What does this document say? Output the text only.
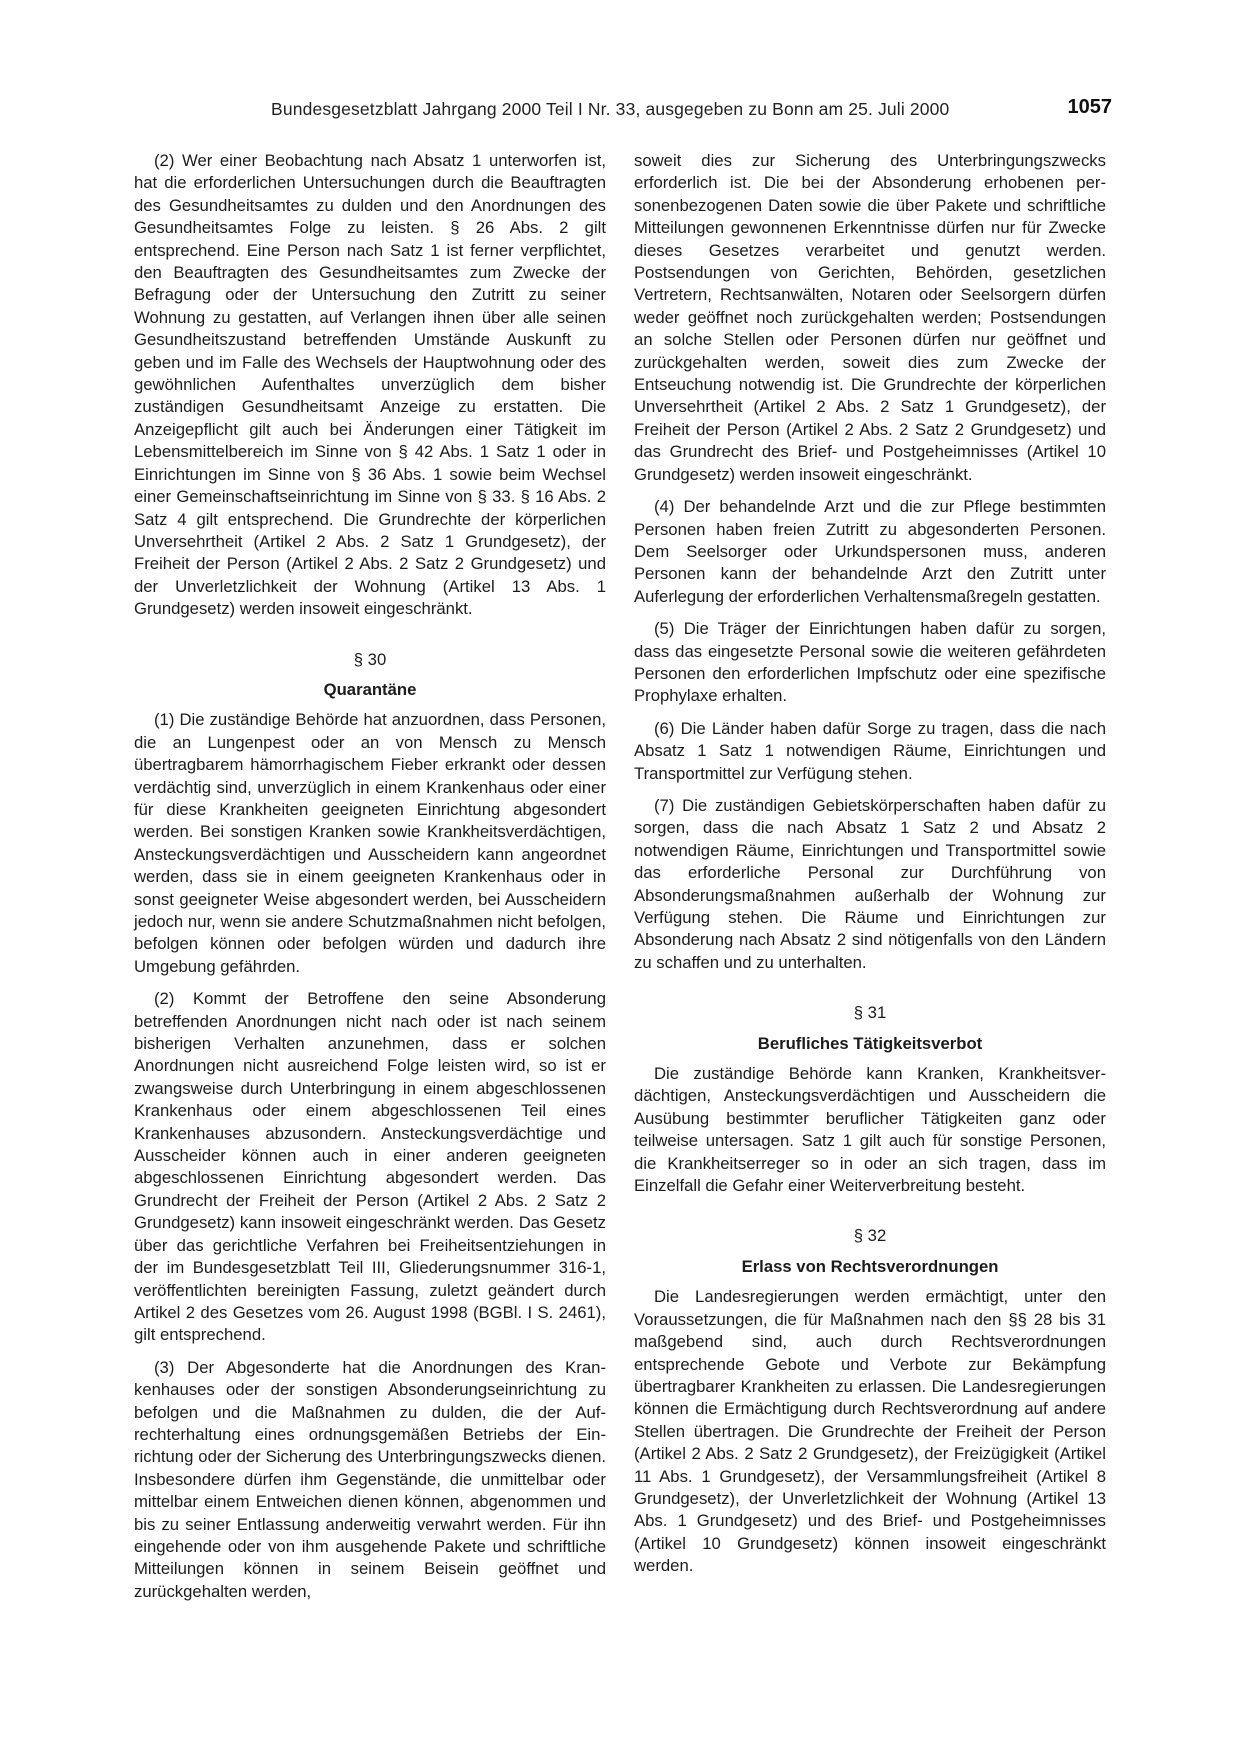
Bundesgesetzblatt Jahrgang 2000 Teil I Nr. 33, ausgegeben zu Bonn am 25. Juli 2000	1057

(2) Wer einer Beobachtung nach Absatz 1 unterworfen ist, hat die erforderlichen Untersuchungen durch die Beauftragten des Gesundheitsamtes zu dulden und den Anordnungen des Gesundheitsamtes Folge zu leisten. § 26 Abs. 2 gilt entsprechend. Eine Person nach Satz 1 ist ferner verpflichtet, den Beauftragten des Gesundheitsamtes zum Zwecke der Befragung oder der Untersuchung den Zutritt zu seiner Wohnung zu gestatten, auf Verlangen ihnen über alle seinen Gesundheitszustand betreffenden Umstände Auskunft zu geben und im Falle des Wechsels der Hauptwohnung oder des gewöhnlichen Aufenthaltes unverzüglich dem bisher zuständigen Gesundheitsamt Anzeige zu erstatten. Die Anzeigepflicht gilt auch bei Änderungen einer Tätigkeit im Lebensmittelbereich im Sinne von § 42 Abs. 1 Satz 1 oder in Einrichtungen im Sinne von § 36 Abs. 1 sowie beim Wechsel einer Gemeinschaftseinrichtung im Sinne von § 33. § 16 Abs. 2 Satz 4 gilt entsprechend. Die Grundrechte der körperlichen Unversehrtheit (Artikel 2 Abs. 2 Satz 1 Grundgesetz), der Freiheit der Person (Artikel 2 Abs. 2 Satz 2 Grundgesetz) und der Unverletzlichkeit der Wohnung (Artikel 13 Abs. 1 Grundgesetz) werden insoweit eingeschränkt.

§ 30
Quarantäne

(1) Die zuständige Behörde hat anzuordnen, dass Personen, die an Lungenpest oder an von Mensch zu Mensch übertragbarem hämorrhagischem Fieber erkrankt oder dessen verdächtig sind, unverzüglich in einem Krankenhaus oder einer für diese Krankheiten geeigneten Einrichtung abgesondert werden. Bei sonstigen Kranken sowie Krankheitsverdächtigen, Ansteckungsverdächtigen und Ausscheidern kann angeordnet werden, dass sie in einem geeigneten Krankenhaus oder in sonst geeigneter Weise abgesondert werden, bei Ausscheidern jedoch nur, wenn sie andere Schutzmaßnahmen nicht befolgen, befolgen können oder befolgen würden und dadurch ihre Umgebung gefährden.

(2) Kommt der Betroffene den seine Absonderung betreffenden Anordnungen nicht nach oder ist nach seinem bisherigen Verhalten anzunehmen, dass er solchen Anordnungen nicht ausreichend Folge leisten wird, so ist er zwangsweise durch Unterbringung in einem abgeschlossenen Krankenhaus oder einem abgeschlossenen Teil eines Krankenhauses abzusondern. Ansteckungsverdächtige und Ausscheider können auch in einer anderen geeigneten abgeschlossenen Einrichtung abgesondert werden. Das Grundrecht der Freiheit der Person (Artikel 2 Abs. 2 Satz 2 Grundgesetz) kann insoweit eingeschränkt werden. Das Gesetz über das gerichtliche Verfahren bei Freiheitsentziehungen in der im Bundesgesetzblatt Teil III, Gliederungsnummer 316-1, veröffentlichten bereinigten Fassung, zuletzt geändert durch Artikel 2 des Gesetzes vom 26. August 1998 (BGBl. I S. 2461), gilt entsprechend.

(3) Der Abgesonderte hat die Anordnungen des Krankenhauses oder der sonstigen Absonderungseinrichtung zu befolgen und die Maßnahmen zu dulden, die der Aufrechterhaltung eines ordnungsgemäßen Betriebs der Einrichtung oder der Sicherung des Unterbringungszwecks dienen. Insbesondere dürfen ihm Gegenstände, die unmittelbar oder mittelbar einem Entweichen dienen können, abgenommen und bis zu seiner Entlassung anderweitig verwahrt werden. Für ihn eingehende oder von ihm ausgehende Pakete und schriftliche Mitteilungen können in seinem Beisein geöffnet und zurückgehalten werden,

soweit dies zur Sicherung des Unterbringungszwecks erforderlich ist. Die bei der Absonderung erhobenen personenbezogenen Daten sowie die über Pakete und schriftliche Mitteilungen gewonnenen Erkenntnisse dürfen nur für Zwecke dieses Gesetzes verarbeitet und genutzt werden. Postsendungen von Gerichten, Behörden, gesetzlichen Vertretern, Rechtsanwälten, Notaren oder Seelsorgern dürfen weder geöffnet noch zurückgehalten werden; Postsendungen an solche Stellen oder Personen dürfen nur geöffnet und zurückgehalten werden, soweit dies zum Zwecke der Entseuchung notwendig ist. Die Grundrechte der körperlichen Unversehrtheit (Artikel 2 Abs. 2 Satz 1 Grundgesetz), der Freiheit der Person (Artikel 2 Abs. 2 Satz 2 Grundgesetz) und das Grundrecht des Brief- und Postgeheimnisses (Artikel 10 Grundgesetz) werden insoweit eingeschränkt.

(4) Der behandelnde Arzt und die zur Pflege bestimmten Personen haben freien Zutritt zu abgesonderten Personen. Dem Seelsorger oder Urkundspersonen muss, anderen Personen kann der behandelnde Arzt den Zutritt unter Auferlegung der erforderlichen Verhaltensmaßregeln gestatten.

(5) Die Träger der Einrichtungen haben dafür zu sorgen, dass das eingesetzte Personal sowie die weiteren gefährdeten Personen den erforderlichen Impfschutz oder eine spezifische Prophylaxe erhalten.

(6) Die Länder haben dafür Sorge zu tragen, dass die nach Absatz 1 Satz 1 notwendigen Räume, Einrichtungen und Transportmittel zur Verfügung stehen.

(7) Die zuständigen Gebietskörperschaften haben dafür zu sorgen, dass die nach Absatz 1 Satz 2 und Absatz 2 notwendigen Räume, Einrichtungen und Transportmittel sowie das erforderliche Personal zur Durchführung von Absonderungsmaßnahmen außerhalb der Wohnung zur Verfügung stehen. Die Räume und Einrichtungen zur Absonderung nach Absatz 2 sind nötigenfalls von den Ländern zu schaffen und zu unterhalten.

§ 31
Berufliches Tätigkeitsverbot

Die zuständige Behörde kann Kranken, Krankheitsverdächtigen, Ansteckungsverdächtigen und Ausscheidern die Ausübung bestimmter beruflicher Tätigkeiten ganz oder teilweise untersagen. Satz 1 gilt auch für sonstige Personen, die Krankheitserreger so in oder an sich tragen, dass im Einzelfall die Gefahr einer Weiterverbreitung besteht.

§ 32
Erlass von Rechtsverordnungen

Die Landesregierungen werden ermächtigt, unter den Voraussetzungen, die für Maßnahmen nach den §§ 28 bis 31 maßgebend sind, auch durch Rechtsverordnungen entsprechende Gebote und Verbote zur Bekämpfung übertragbarer Krankheiten zu erlassen. Die Landesregierungen können die Ermächtigung durch Rechtsverordnung auf andere Stellen übertragen. Die Grundrechte der Freiheit der Person (Artikel 2 Abs. 2 Satz 2 Grundgesetz), der Freizügigkeit (Artikel 11 Abs. 1 Grundgesetz), der Versammlungsfreiheit (Artikel 8 Grundgesetz), der Unverletzlichkeit der Wohnung (Artikel 13 Abs. 1 Grundgesetz) und des Brief- und Postgeheimnisses (Artikel 10 Grundgesetz) können insoweit eingeschränkt werden.
